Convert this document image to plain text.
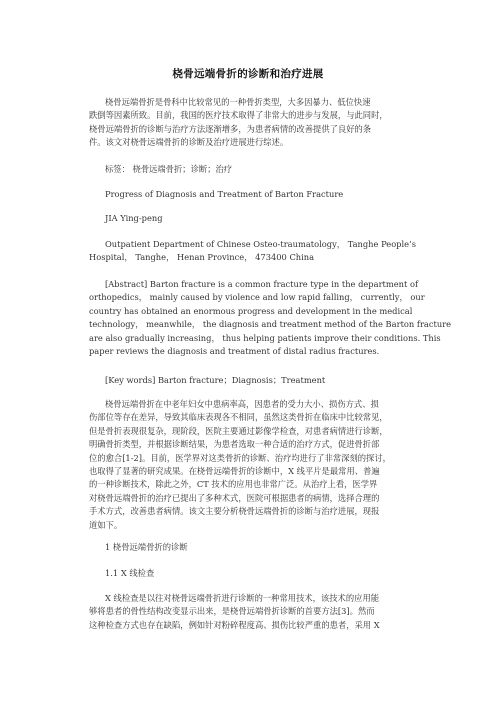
桡骨远端骨折的诊断和治疗进展
桡骨远端骨折是骨科中比较常见的一种骨折类型，大多因暴力、低位快速
跌倒等因素所致。目前，我国的医疗技术取得了非常大的进步与发展，与此同时，
桡骨远端骨折的诊断与治疗方法逐渐增多，为患者病情的改善提供了良好的条
件。该文对桡骨远端骨折的诊断及治疗进展进行综述。
标签： 桡骨远端骨折；诊断；治疗
Progress of Diagnosis and Treatment of Barton Fracture
JIA Ying-peng
Outpatient Department of Chinese Osteo-traumatology， Tanghe People’s
Hospital， Tanghe， Henan Province， 473400 China
[Abstract] Barton fracture is a common fracture type in the department of
orthopedics， mainly caused by violence and low rapid falling， currently， our
country has obtained an enormous progress and development in the medical
technology， meanwhile， the diagnosis and treatment method of the Barton fracture
are also gradually increasing， thus helping patients improve their conditions. This
paper reviews the diagnosis and treatment of distal radius fractures.
[Key words] Barton fracture；Diagnosis；Treatment
桡骨远端骨折在中老年妇女中患病率高，因患者的受力大小、损伤方式、损
伤部位等存在差异，导致其临床表现各不相同，虽然这类骨折在临床中比较常见，
但是骨折表现很复杂，现阶段，医院主要通过影像学检查，对患者病情进行诊断，
明确骨折类型，并根据诊断结果，为患者选取一种合适的治疗方式，促进骨折部
位的愈合[1-2]。目前，医学界对这类骨折的诊断、治疗均进行了非常深刻的探讨，
也取得了显著的研究成果。在桡骨远端骨折的诊断中，X 线平片是最常用、普遍
的一种诊断技术，除此之外，CT 技术的应用也非常广泛。从治疗上看，医学界
对桡骨远端骨折的治疗已提出了多种术式，医院可根据患者的病情，选择合理的
手术方式，改善患者病情。该文主要分析桡骨远端骨折的诊断与治疗进展，现报
道如下。
1 桡骨远端骨折的诊断
1.1 X 线检查
X 线检查是以往对桡骨远端骨折进行诊断的一种常用技术，该技术的应用能
够将患者的骨性结构改变显示出来，是桡骨远端骨折诊断的首要方法[3]。然而
这种检查方式也存在缺陷，例如针对粉碎程度高、损伤比较严重的患者，采用 X
